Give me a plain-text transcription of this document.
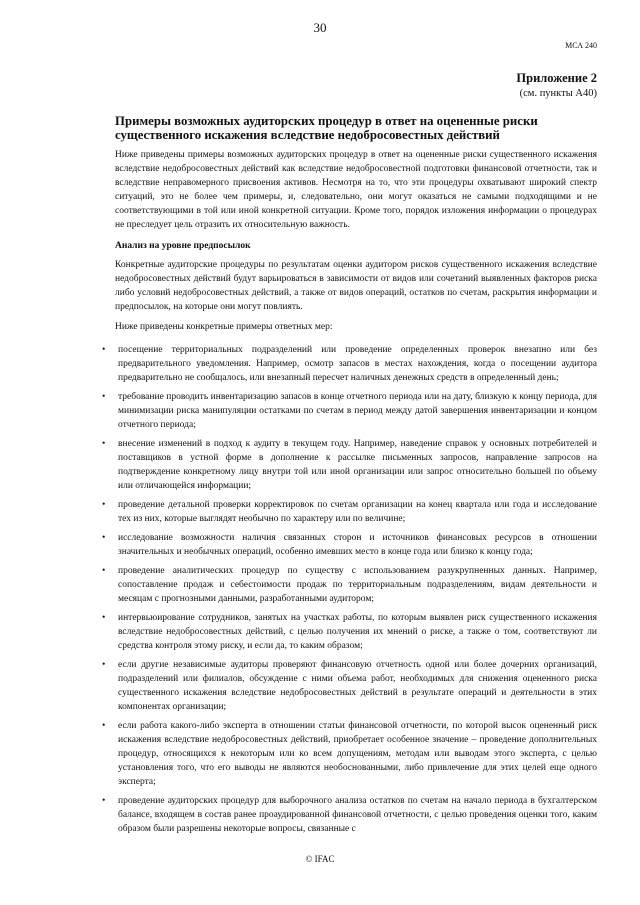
30
МСА 240
Приложение 2
(см. пункты А40)
Примеры возможных аудиторских процедур в ответ на оцененные риски существенного искажения вследствие недобросовестных действий

Ниже приведены примеры возможных аудиторских процедур в ответ на оцененные риски существенного искажения вследствие недобросовестных действий как вследствие недобросовестной подготовки финансовой отчетности, так и вследствие неправомерного присвоения активов. Несмотря на то, что эти процедуры охватывают широкий спектр ситуаций, это не более чем примеры, и, следовательно, они могут оказаться не самыми подходящими и не соответствующими в той или иной конкретной ситуации. Кроме того, порядок изложения информации о процедурах не преследует цель отразить их относительную важность.

Анализ на уровне предпосылок

Конкретные аудиторские процедуры по результатам оценки аудитором рисков существенного искажения вследствие недобросовестных действий будут варьироваться в зависимости от видов или сочетаний выявленных факторов риска либо условий недобросовестных действий, а также от видов операций, остатков по счетам, раскрытия информации и предпосылок, на которые они могут повлиять.

Ниже приведены конкретные примеры ответных мер:

• посещение территориальных подразделений или проведение определенных проверок внезапно или без предварительного уведомления. Например, осмотр запасов в местах нахождения, когда о посещении аудитора предварительно не сообщалось, или внезапный пересчет наличных денежных средств в определенный день;
• требование проводить инвентаризацию запасов в конце отчетного периода или на дату, близкую к концу периода, для минимизации риска манипуляции остатками по счетам в период между датой завершения инвентаризации и концом отчетного периода;
• внесение изменений в подход к аудиту в текущем году. Например, наведение справок у основных потребителей и поставщиков в устной форме в дополнение к рассылке письменных запросов, направление запросов на подтверждение конкретному лицу внутри той или иной организации или запрос относительно большей по объему или отличающейся информации;
• проведение детальной проверки корректировок по счетам организации на конец квартала или года и исследование тех из них, которые выглядят необычно по характеру или по величине;
• исследование возможности наличия связанных сторон и источников финансовых ресурсов в отношении значительных и необычных операций, особенно имевших место в конце года или близко к концу года;
• проведение аналитических процедур по существу с использованием разукрупненных данных. Например, сопоставление продаж и себестоимости продаж по территориальным подразделениям, видам деятельности и месяцам с прогнозными данными, разработанными аудитором;
• интервьюирование сотрудников, занятых на участках работы, по которым выявлен риск существенного искажения вследствие недобросовестных действий, с целью получения их мнений о риске, а также о том, соответствуют ли средства контроля этому риску, и если да, то каким образом;
• если другие независимые аудиторы проверяют финансовую отчетность одной или более дочерних организаций, подразделений или филиалов, обсуждение с ними объема работ, необходимых для снижения оцененного риска существенного искажения вследствие недобросовестных действий в результате операций и деятельности в этих компонентах организации;
• если работа какого-либо эксперта в отношении статьи финансовой отчетности, по которой высок оцененный риск искажения вследствие недобросовестных действий, приобретает особенное значение – проведение дополнительных процедур, относящихся к некоторым или ко всем допущениям, методам или выводам этого эксперта, с целью установления того, что его выводы не являются необоснованными, либо привлечение для этих целей еще одного эксперта;
• проведение аудиторских процедур для выборочного анализа остатков по счетам на начало периода в бухгалтерском балансе, входящем в состав ранее проаудированной финансовой отчетности, с целью проведения оценки того, каким образом были разрешены некоторые вопросы, связанные с
© IFAC
